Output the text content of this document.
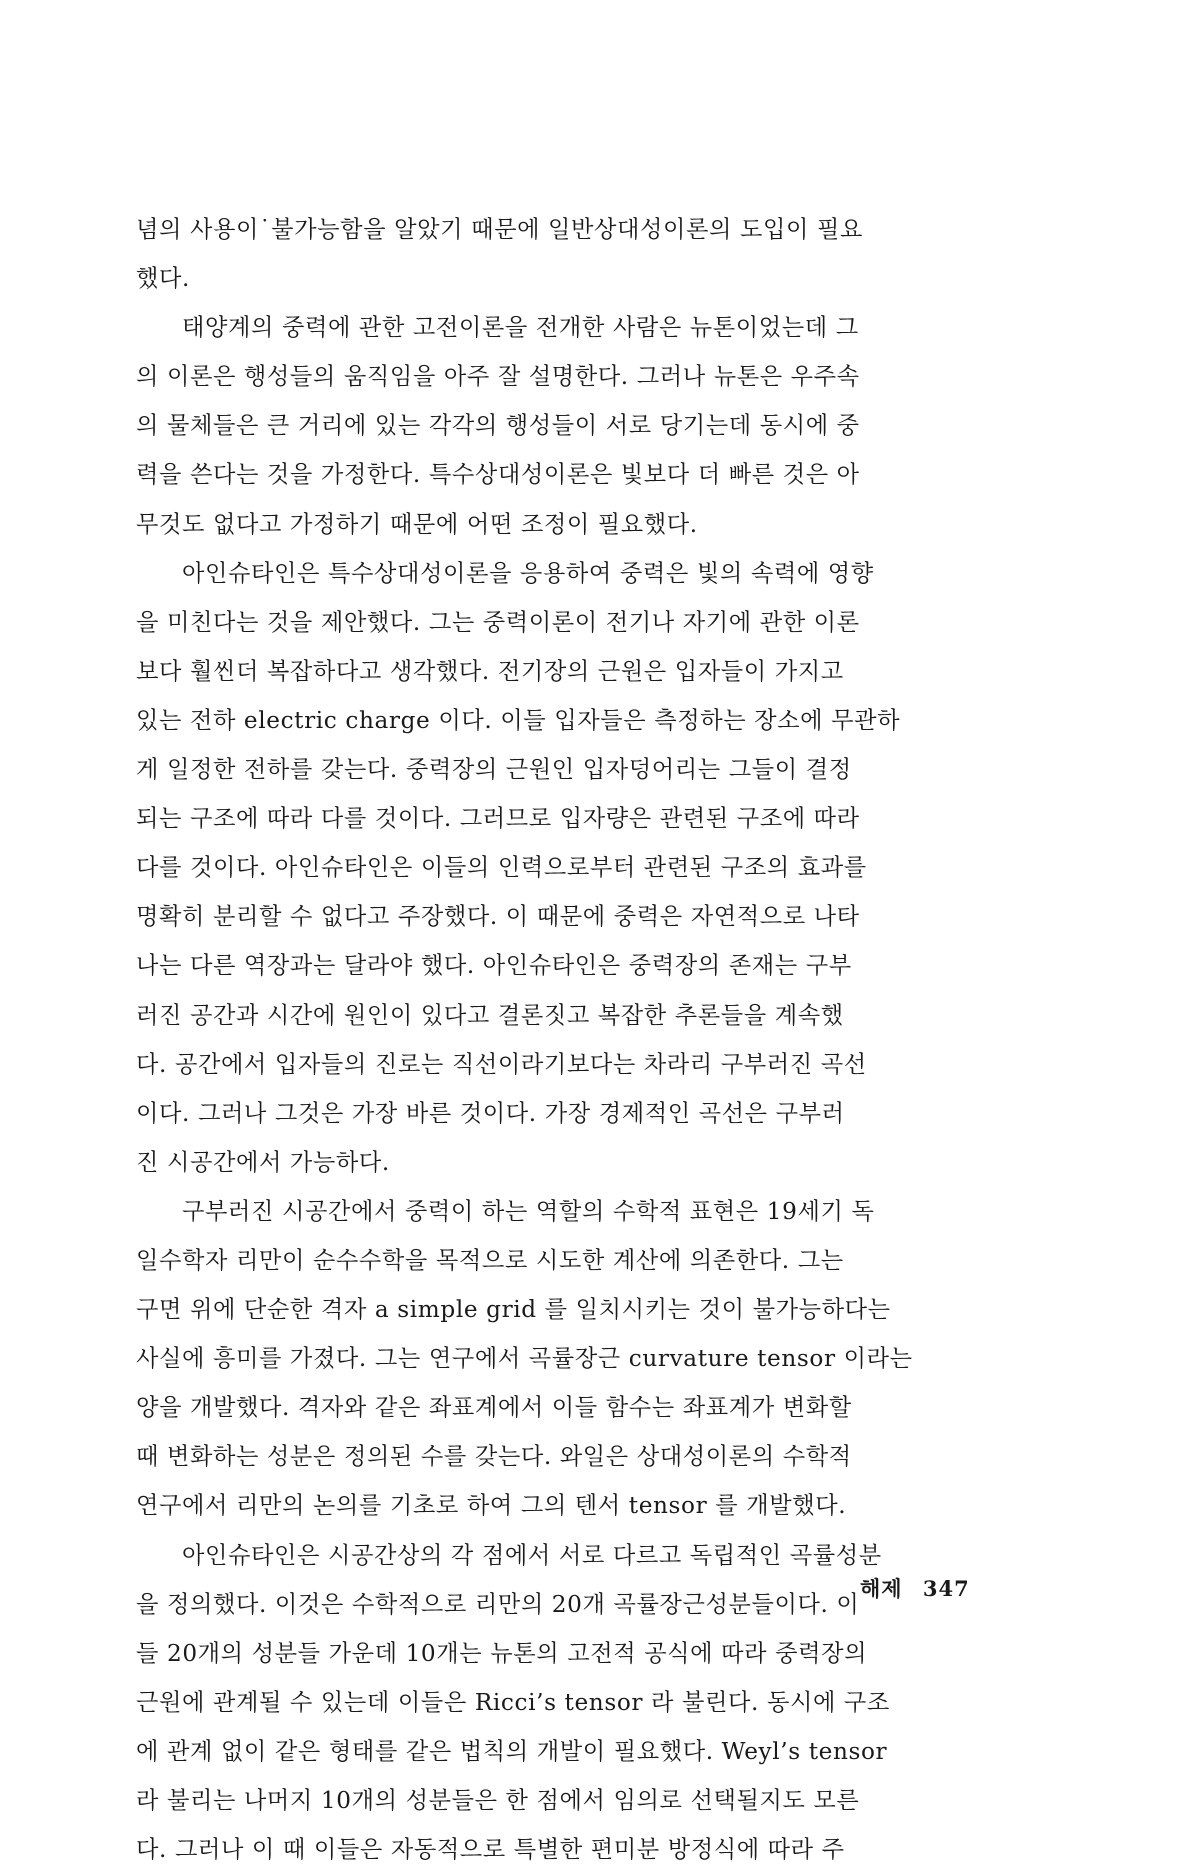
념의 사용이˙불가능함을 알았기 때문에 일반상대성이론의 도입이 필요
했다.
태양계의 중력에 관한 고전이론을 전개한 사람은 뉴톤이었는데 그
의 이론은 행성들의 움직임을 아주 잘 설명한다. 그러나 뉴톤은 우주속
의 물체들은 큰 거리에 있는 각각의 행성들이 서로 당기는데 동시에 중
력을 쓴다는 것을 가정한다. 특수상대성이론은 빛보다 더 빠른 것은 아
무것도 없다고 가정하기 때문에 어떤 조정이 필요했다.
아인슈타인은 특수상대성이론을 응용하여 중력은 빛의 속력에 영향
을 미친다는 것을 제안했다. 그는 중력이론이 전기나 자기에 관한 이론
보다 훨씬더 복잡하다고 생각했다. 전기장의 근원은 입자들이 가지고
있는 전하 electric charge 이다. 이들 입자들은 측정하는 장소에 무관하
게 일정한 전하를 갖는다. 중력장의 근원인 입자덩어리는 그들이 결정
되는 구조에 따라 다를 것이다. 그러므로 입자량은 관련된 구조에 따라
다를 것이다. 아인슈타인은 이들의 인력으로부터 관련된 구조의 효과를
명확히 분리할 수 없다고 주장했다. 이 때문에 중력은 자연적으로 나타
나는 다른 역장과는 달라야 했다. 아인슈타인은 중력장의 존재는 구부
러진 공간과 시간에 원인이 있다고 결론짓고 복잡한 추론들을 계속했
다. 공간에서 입자들의 진로는 직선이라기보다는 차라리 구부러진 곡선
이다. 그러나 그것은 가장 바른 것이다. 가장 경제적인 곡선은 구부러
진 시공간에서 가능하다.
구부러진 시공간에서 중력이 하는 역할의 수학적 표현은 19세기 독
일수학자 리만이 순수수학을 목적으로 시도한 계산에 의존한다. 그는
구면 위에 단순한 격자 a simple grid 를 일치시키는 것이 불가능하다는
사실에 흥미를 가졌다. 그는 연구에서 곡률장근 curvature tensor 이라는
양을 개발했다. 격자와 같은 좌표계에서 이들 함수는 좌표계가 변화할
때 변화하는 성분은 정의된 수를 갖는다. 와일은 상대성이론의 수학적
연구에서 리만의 논의를 기초로 하여 그의 텐서 tensor 를 개발했다.
아인슈타인은 시공간상의 각 점에서 서로 다르고 독립적인 곡률성분
을 정의했다. 이것은 수학적으로 리만의 20개 곡률장근성분들이다. 이
들 20개의 성분들 가운데 10개는 뉴톤의 고전적 공식에 따라 중력장의
근원에 관계될 수 있는데 이들은 Ricci’s tensor 라 불린다. 동시에 구조
에 관계 없이 같은 형태를 같은 법칙의 개발이 필요했다. Weyl’s tensor
라 불리는 나머지 10개의 성분들은 한 점에서 임의로 선택될지도 모른
다. 그러나 이 때 이들은 자동적으로 특별한 편미분 방정식에 따라 주
해제 347
